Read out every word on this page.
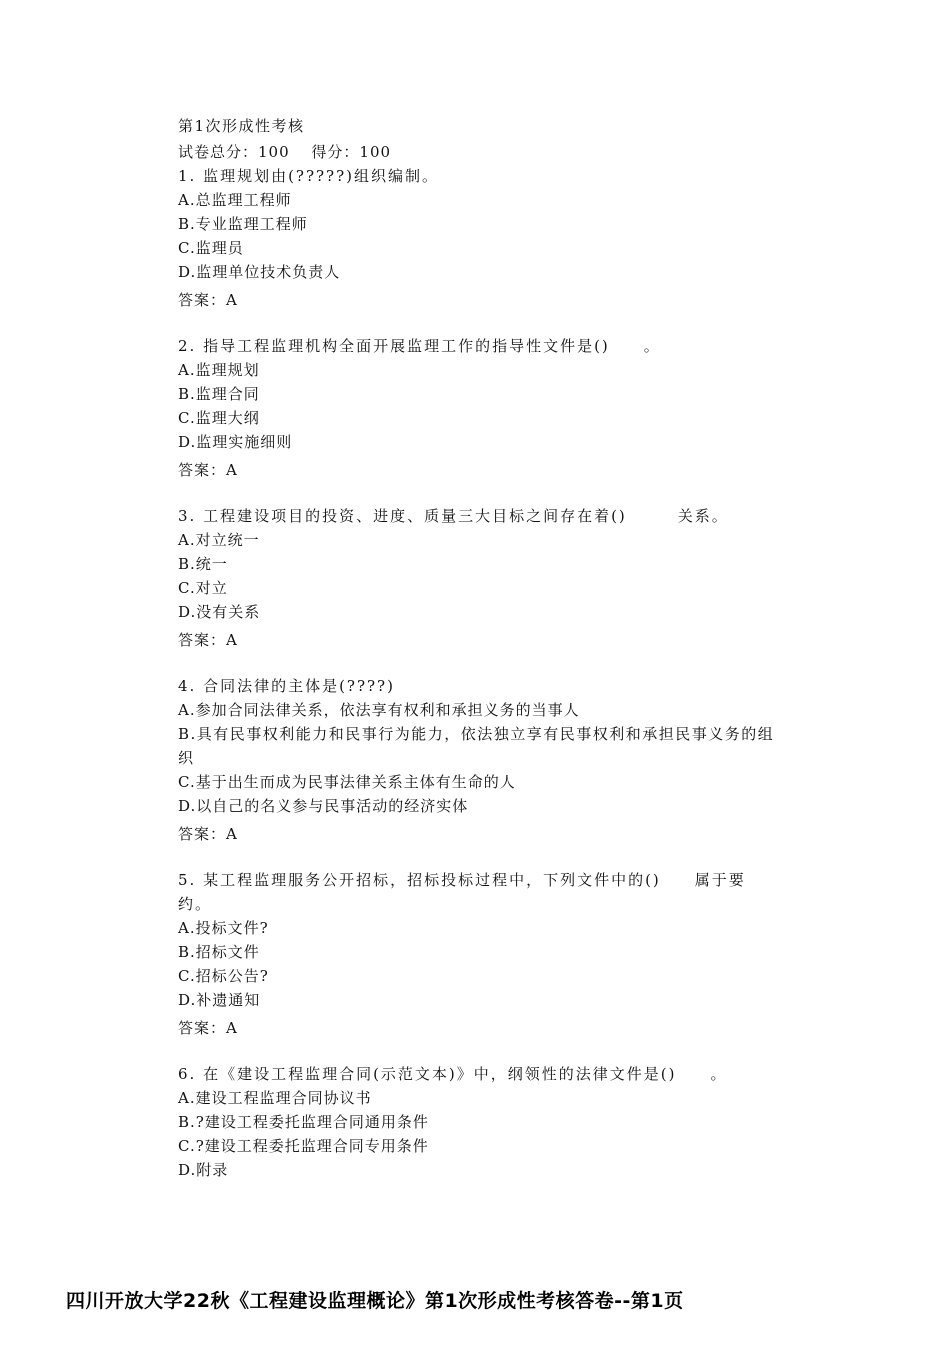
第1次形成性考核
试卷总分：100　 得分：100
1. 监理规划由(?????)组织编制。
A.总监理工程师
B.专业监理工程师
C.监理员
D.监理单位技术负责人
答案：A
2. 指导工程监理机构全面开展监理工作的指导性文件是()　　。
A.监理规划
B.监理合同
C.监理大纲
D.监理实施细则
答案：A
3. 工程建设项目的投资、进度、质量三大目标之间存在着()　　　关系。
A.对立统一
B.统一
C.对立
D.没有关系
答案：A
4. 合同法律的主体是(????)
A.参加合同法律关系，依法享有权利和承担义务的当事人
B.具有民事权利能力和民事行为能力，依法独立享有民事权利和承担民事义务的组织
C.基于出生而成为民事法律关系主体有生命的人
D.以自己的名义参与民事活动的经济实体
答案：A
5. 某工程监理服务公开招标，招标投标过程中，下列文件中的()　　属于要约。
A.投标文件?
B.招标文件
C.招标公告?
D.补遗通知
答案：A
6. 在《建设工程监理合同(示范文本)》中，纲领性的法律文件是()　　。
A.建设工程监理合同协议书
B.?建设工程委托监理合同通用条件
C.?建设工程委托监理合同专用条件
D.附录
四川开放大学22秋《工程建设监理概论》第1次形成性考核答卷--第1页
